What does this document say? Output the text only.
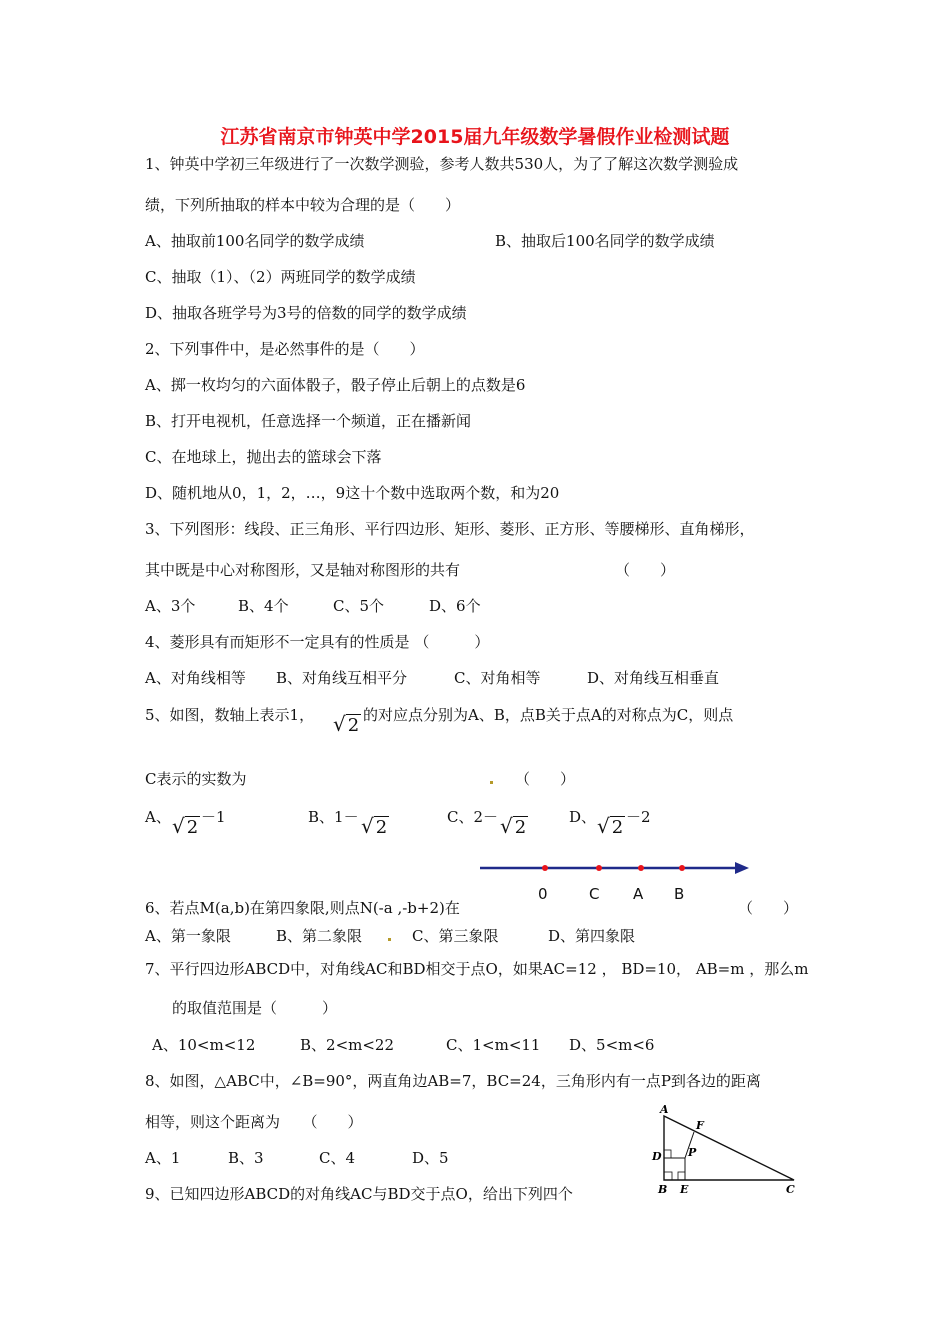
江苏省南京市钟英中学2015届九年级数学暑假作业检测试题
1、钟英中学初三年级进行了一次数学测验，参考人数共530人，为了了解这次数学测验成
绩，下列所抽取的样本中较为合理的是（　　）
A、抽取前100名同学的数学成绩	B、抽取后100名同学的数学成绩
C、抽取（1）、（2）两班同学的数学成绩
D、抽取各班学号为3号的倍数的同学的数学成绩
2、下列事件中，是必然事件的是（　　）
A、掷一枚均匀的六面体骰子，骰子停止后朝上的点数是6
B、打开电视机，任意选择一个频道，正在播新闻
C、在地球上，抛出去的篮球会下落
D、随机地从0，1，2，…，9这十个数中选取两个数，和为20
3、下列图形：线段、正三角形、平行四边形、矩形、菱形、正方形、等腰梯形、直角梯形，
其中既是中心对称图形，又是轴对称图形的共有	（　　）
A、3个	B、4个	C、5个	D、6个
4、菱形具有而矩形不一定具有的性质是 （　　　）
A、对角线相等 B、对角线互相平分	C、对角相等	D、对角线互相垂直
5、如图，数轴上表示1， √ 2 的对应点分别为A、B，点B关于点A的对称点为C，则点
C表示的实数为	（　　）
A、 √ 2 －1	B、1－ √ 2	C、2－ √ 2	D、 √ 2 －2
0	C A B
6、若点M(a,b)在第四象限,则点N(-a ,-b+2)在	（　　）
A、第一象限	B、第二象限	C、第三象限	D、第四象限
7、平行四边形ABCD中，对角线AC和BD相交于点O，如果AC=12 ， BD=10， AB=m ，那么m
的取值范围是（　　　）
A、10<m<12	B、2<m<22	C、1<m<11 D、5<m<6
8、如图，△ABC中，∠B=90°，两直角边AB=7，BC=24，三角形内有一点P到各边的距离
相等，则这个距离为　　（　　）
A、1	B、3	C、4	D、5
A
F
D P
B E	C
9、已知四边形ABCD的对角线AC与BD交于点O，给出下列四个
